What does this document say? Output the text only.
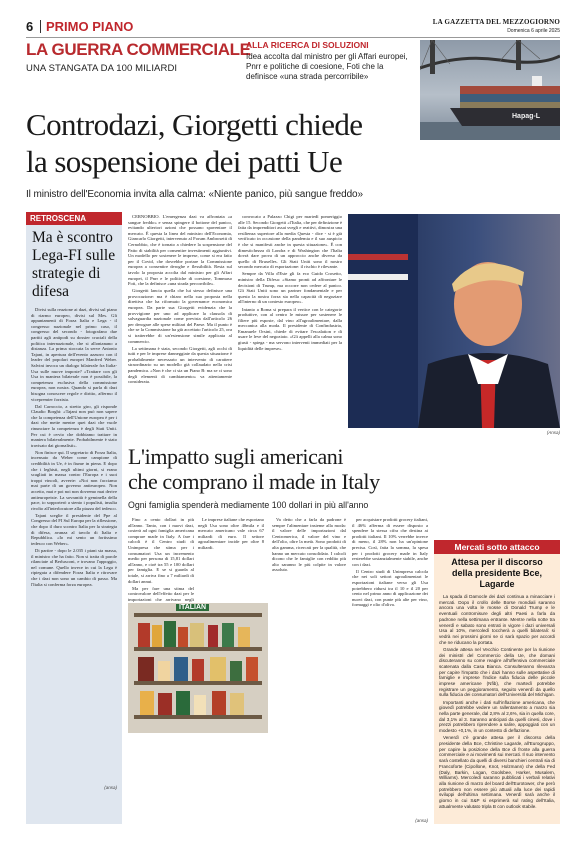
6 PRIMO PIANO	LA GAZZETTA DEL MEZZOGIORNO
Domenica 6 aprile 2025
LA GUERRA COMMERCIALE
UNA STANGATA DA 100 MILIARDI
ALLA RICERCA DI SOLUZIONI
Idea accolta dal ministro per gli Affari europei, Pnrr e politiche di coesione, Foti che la definisce «una strada percorribile»
Hapag-L
Controdazi, Giorgetti chiede
la sospensione dei patti Ue
Il ministro dell'Economia invita alla calma: «Niente panico, più sangue freddo»
RETROSCENA
Ma è scontro Lega-FI sulle strategie di difesa

Divisi sulla reazione ai dazi, divisi sul piano di riarmo europeo, divisi sul Mes. Gli appuntamenti di Forza Italia e Lega - il congresso nazionale nel primo caso, il congresso del secondo - fotografano due partiti agli antipodi su dossier cruciali della politica internazionale, che si allontanano a distanza. La prima stoccata la serve Antonio Tajani, in apertura dell'evento azzurro con il leader del popolari europei Manfred Weber. Salvini invoca un dialogo bilaterale fra Italia-Usa sulle nuove imposte? «Trattare con gli Usa in maniera bilaterale non è possibile, la competenza esclusiva della commissione europea, non nostra. Quando si parla di dazi bisogna conoscere regole e diritto, affermo il vicepremier forzista.

Dal Carroccio, a stretto giro, gli risponde Claudio Borghi: «Tajani non può non sapere che la competenza dell'Unione europea è per i dazi che mette mentre quei dazi che vuole rinunciare la competenza è degli Stati Uniti. Per cui è ovvio che dobbiamo trattare in maniera bilateralmente. Probabilmente è stato travisato dai giornalisti».

Non finisce qui. Il segretario di Forza Italia, incensato da Weber come campione di credibilità in Ue, è in fiume in piena. E dopo che i leghisti, negli ultimi giorni, si erano scagliati in massa contro l'Europa e i suoi troppi vincoli, avverte: «Noi non facciamo mai parte di un governo antieuropeo. Non accetto, mai e poi noi non dovremo mai derive antieuropeiste. La sovranità è geminella della pace, io sopporterò a stento i populisti, insulta rivolto all'interlocutore alla piazza del tedesco.

Tajani sceglie il presidente del Ppe al Congresso del FI Sul Europa per la riflessione, che dopo il duro scontro Italia per la strategia di difesa, avanza al tavolo di Italia e Repubblica. «Io mi sento un fortissimo tedesco con Weber».

Di partire - dopo le 2.035 i piani sta massa, il ministro che ha fatto. Non si tratta di parole rilanciate al Berlusconi, e trovano l'appoggio, nel comune. Quello invece in cui la Lega è ripiegata a difendere Forza Italia e ritrovare che i dazi non sono un cambio di passo. Ma l'Italia si conferma forza europea.

(ansa)

CERNOBBIO. L'emergenza dazi va affrontata «a sangue freddo» e senza spingere il bottone del panico, evitando ulteriori azioni che possano spaventare il mercato. È questa la linea del ministro dell'Economia, Giancarlo Giorgetti, intervenuto al Forum Ambrosetti di Cernobbio, che è tornato a chiedere la sospensione del Patto di stabilità per consentire investimenti aggiuntivi. Un modello per sostenere le imprese, come si era fatto per il Covid, che dovrebbe portare la Commissione europea a consentire deroghe e flessibilità. Resta sul tavolo la proposta accolta dal ministro per gli Affari europei, il Pnrr e le politiche di coesione, Tommaso Foti, che la definisce «una strada percorribile».

Giorgetti lancia quella che lui stesso definisce una provocazione: ma è chiaro nella sua proposta nella direttiva che ha riformato la governance economica europea. Da parte sua Giorgetti evidenzia che la provvigione per uno ad applicare la clausola di salvaguardia nazionale come prevista dall'articolo 26 per derogare alle spese militari del Paese. Ma il punto è che se la Commissione ha già accettato l'articolo 25, ora si tratterebbe di un'estensione simile applicata al commercio.

La settimana è stata, secondo Giorgetti, agli occhi di tutti e per le imprese danneggiate da questa situazione è probabilmente necessario un intervento di carattere straordinario su un modello già collaudato nella crisi pandemica. «Non è che ci sia un Piano B: ma se ci sono degli elementi di cambiamento» va attentamente considerata.

convocato a Palazzo Chigi per martedì pomeriggio alle 15. Secondo Giorgetti «l'Italia, che per definizione è fatta da imprenditori assai svegli e reattivi, dimostra una resilienza superiore alla media Questa - dice - si è già verificato in occasione della pandemia e il suo auspicio è che si manifesti anche in questa situazione». È con dimestichezza di Londra e di Washington che l'Italia dovrà dare prova di un approccio anche diverso da quello di Bruxelles. Gli Stati Uniti sono il nostro secondo mercato di esportazione: il rischio è rilevante.

Sempre da Villa d'Este gli fa eco Guido Crosetto, ministro della Difesa: «Siamo pronti ad affrontare le decisioni di Trump, ma occorre non cedere al panico. Gli Stati Uniti sono un partner fondamentale e per questo la nostra forza sta nella capacità di negoziare all'interno di un contesto europeo».

Intanto a Roma si prepara il vertice con le categorie produttive, con al centro le misure per sostenere le filiere più esposte, dal vino all'agroalimentare, dalla meccanica alla moda. Il presidente di Confindustria, Emanuele Orsini, chiede di evitare l'escalation e di usare le leve del negoziato. «Gli appelli alla calma sono giusti - spiega - ma servono interventi immediati per la liquidità delle imprese».

(Ansa)
L'impatto sugli americani
che comprano il made in Italy
Ogni famiglia spenderà mediamente 100 dollari in più all'anno

Fino a cento dollari in più all'anno. Tanto, con i nuovi dazi, costerà ad ogni famiglia americana comprare made in Italy. A fare i calcoli è il Centro studi di Unimpresa che stima per i consumatori Usa un incremento medio per persona di 15,81 dollari all'anno, e cioè tra 55 e 100 dollari per famiglia. E se si guarda al totale, si arriva fino a 7 miliardi di dollari annui.

Ma per fare una stima del controvalore dell'effetto dazi per le importazioni che arrivano negli

ITALIAN

Le imprese italiane che esportano negli Usa sono oltre 40mila e il mercato americano vale circa 67 miliardi di euro. Il settore agroalimentare incide per oltre 8 miliardi.

Va detto che a farla da padrone è sempre l'alimentare insieme alla moda: il valore delle importazioni dal Centromerica, il valore del vino e dell'olio, oltre la metà. Sono prodotti di alta gamma, ricercati per la qualità, che hanno un mercato consolidato. I calcoli dicono che le famiglie con reddito più alto saranno le più colpite in valore assoluto.

per acquistare prodotti grocery italiani, il 46% afferma di essere disposto a spendere la stessa cifra che destina ai prodotti italiani. Il 10% verrebbe invece di meno, il 28% non ha un'opinione precisa. Così, fatta la somma, la spesa per i prodotti grocery made in Italy resterebbe sostanzialmente stabile, anche con i dazi.

Il Centro studi di Unimpresa calcola che nei soli settori agroalimentari le esportazioni italiane verso gli Usa potrebbero ridursi tra il 10 e il 20 per cento nel primo anno di applicazione dei nuovi dazi, con punte più alte per vino, formaggi e olio d'oliva.

(ansa)
Mercati sotto attacco
Attesa per il discorso della presidente Bce, Lagarde

La spada di Damocle dei dazi continua a minacciare i mercati. Dopo il crollo delle Borse mondiali saranno ancora una volta le mosse di Donald Trump e le eventuali contromisure degli altri Paesi a farla da padrone nella settimana entrante. Mentre nella notte tra venerdì e sabato sono entrati in vigore i dazi universali Usa al 10%, mercoledì toccherà a quelli bilaterali: si vedrà nei prossimi giorni se ci sarà spazio per accordi che ne riducano la portata.

Grande attesa nel Vecchio Continente per la riunione dei ministri del Commercio della Ue, che domani discuteranno su come reagire all'offensiva commerciale scatenata dalla Casa Bianca. Consulteranno rilevanza per capire l'impatto che i dazi hanno sulle aspettative di famiglie e imprese l'indice sulla fiducia delle piccole imprese americane (Nfib), che martedì potrebbe registrare un peggioramento, seguito venerdì da quello sulla fiducia dei consumatori dell'Università del Michigan.

Importanti anche i dati sull'inflazione americana, che giovedì potrebbe vedere un rallentamento a marzo sia nella parte generale, dal 2,8% al 2,6%, sia in quella core, dal 3,1% al 3. Saranno anticipati da quelli cinesi, dove i prezzi potrebbero riprendere a salire, appoggiati con un modesto +0,1%, in un contesto di deflazione.

Venerdì c'è grande attesa per il discorso della presidente della Bce, Christine Lagarde, all'Eurogruppo, per capire la posizione della Bce di fronte alla guerra commerciale e ai movimenti sui mercati. Il suo intervento sarà costellato da quelli di diversi banchieri centrali sia di Francoforte (Cipollone, Knot, Holzmann) che della Fed (Daly, Barkin, Logan, Goolsbee, Harker, Musalem, Williams). Mercoledì saranno pubblicati i verbali relativi alla riunione di marzo del board dell'Eurotower, che però potrebbero non essere più attuali alla luce dei rapidi sviluppi dell'ultima settimana. Venerdì sarà anche il giorno in cui S&P si esprimerà sul rating dell'Italia, attualmente valutato tripla B con outlook stabile.
